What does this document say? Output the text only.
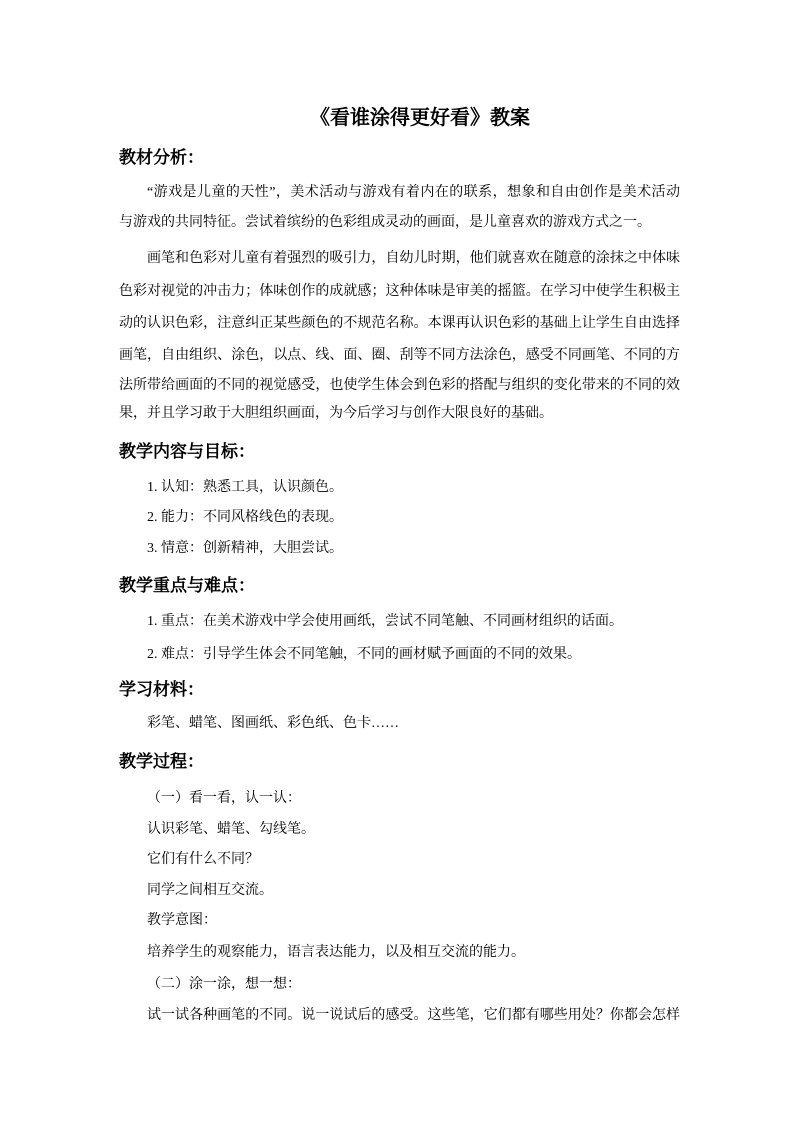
《看谁涂得更好看》教案
教材分析：
“游戏是儿童的天性”，美术活动与游戏有着内在的联系，想象和自由创作是美术活动
与游戏的共同特征。尝试着缤纷的色彩组成灵动的画面，是儿童喜欢的游戏方式之一。
画笔和色彩对儿童有着强烈的吸引力，自幼儿时期，他们就喜欢在随意的涂抹之中体味
色彩对视觉的冲击力；体味创作的成就感；这种体味是审美的摇篮。在学习中使学生积极主
动的认识色彩，注意纠正某些颜色的不规范名称。本课再认识色彩的基础上让学生自由选择
画笔，自由组织、涂色，以点、线、面、圈、刮等不同方法涂色，感受不同画笔、不同的方
法所带给画面的不同的视觉感受，也使学生体会到色彩的搭配与组织的变化带来的不同的效
果，并且学习敢于大胆组织画面，为今后学习与创作大限良好的基础。
教学内容与目标：
1. 认知：熟悉工具，认识颜色。
2. 能力：不同风格线色的表现。
3. 情意：创新精神，大胆尝试。
教学重点与难点：
1. 重点：在美术游戏中学会使用画纸，尝试不同笔触、不同画材组织的话面。
2. 难点：引导学生体会不同笔触，不同的画材赋予画面的不同的效果。
学习材料：
彩笔、蜡笔、图画纸、彩色纸、色卡……
教学过程：
（一）看一看，认一认：
认识彩笔、蜡笔、勾线笔。
它们有什么不同？
同学之间相互交流。
教学意图：
培养学生的观察能力，语言表达能力，以及相互交流的能力。
（二）涂一涂，想一想：
试一试各种画笔的不同。说一说试后的感受。这些笔，它们都有哪些用处？你都会怎样
